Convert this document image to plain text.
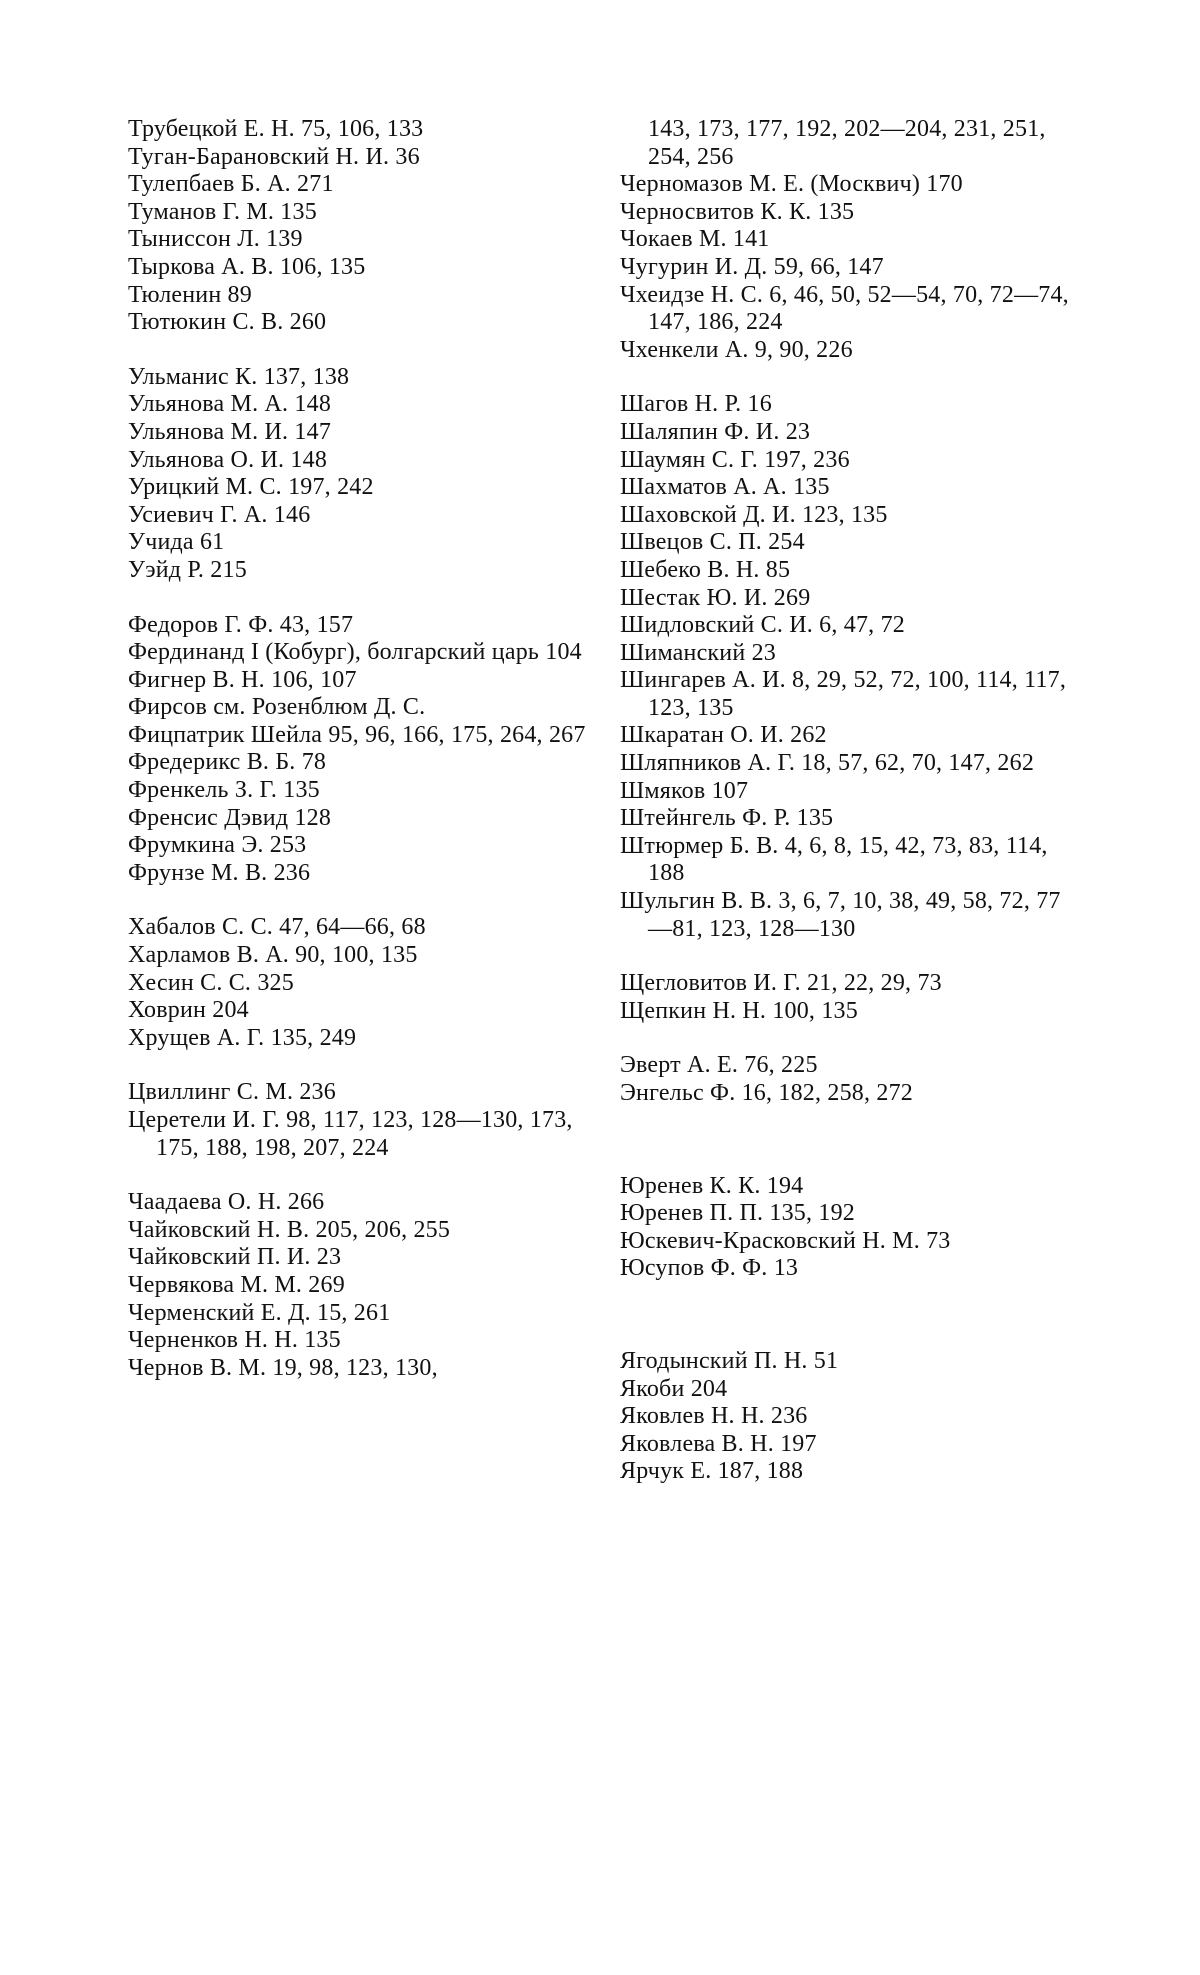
Трубецкой Е. Н. 75, 106, 133

Туган-Барановский Н. И. 36

Тулепбаев Б. А. 271

Туманов Г. М. 135

Тыниссон Л. 139

Тыркова А. В. 106, 135

Тюленин 89

Тютюкин С. В. 260

Ульманис К. 137, 138

Ульянова М. А. 148

Ульянова М. И. 147

Ульянова О. И. 148

Урицкий М. С. 197, 242

Усиевич Г. А. 146

Учида 61

Уэйд Р. 215

Федоров Г. Ф. 43, 157

Фердинанд I (Кобург), болгарский царь 104

Фигнер В. Н. 106, 107

Фирсов см. Розенблюм Д. С.

Фицпатрик Шейла 95, 96, 166, 175, 264, 267

Фредерикс В. Б. 78

Френкель З. Г. 135

Френсис Дэвид 128

Фрумкина Э. 253

Фрунзе М. В. 236

Хабалов С. С. 47, 64—66, 68

Харламов В. А. 90, 100, 135

Хесин С. С. 325

Ховрин 204

Хрущев А. Г. 135, 249

Цвиллинг С. М. 236

Церетели И. Г. 98, 117, 123, 128—130, 173, 175, 188, 198, 207, 224

Чаадаева О. Н. 266

Чайковский Н. В. 205, 206, 255

Чайковский П. И. 23

Червякова М. М. 269

Черменский Е. Д. 15, 261

Черненков Н. Н. 135

Чернов В. М. 19, 98, 123, 130,

143, 173, 177, 192, 202—204, 231, 251, 254, 256

Черномазов М. Е. (Москвич) 170

Черносвитов К. К. 135

Чокаев М. 141

Чугурин И. Д. 59, 66, 147

Чхеидзе Н. С. 6, 46, 50, 52—54, 70, 72—74, 147, 186, 224

Чхенкели А. 9, 90, 226

Шагов Н. Р. 16

Шаляпин Ф. И. 23

Шаумян С. Г. 197, 236

Шахматов А. А. 135

Шаховской Д. И. 123, 135

Швецов С. П. 254

Шебеко В. Н. 85

Шестак Ю. И. 269

Шидловский С. И. 6, 47, 72

Шиманский 23

Шингарев А. И. 8, 29, 52, 72, 100, 114, 117, 123, 135

Шкаратан О. И. 262

Шляпников А. Г. 18, 57, 62, 70, 147, 262

Шмяков 107

Штейнгель Ф. Р. 135

Штюрмер Б. В. 4, 6, 8, 15, 42, 73, 83, 114, 188

Шульгин В. В. 3, 6, 7, 10, 38, 49, 58, 72, 77—81, 123, 128—130

Щегловитов И. Г. 21, 22, 29, 73

Щепкин Н. Н. 100, 135

Эверт А. Е. 76, 225

Энгельс Ф. 16, 182, 258, 272

Юренев К. К. 194

Юренев П. П. 135, 192

Юскевич-Красковский Н. М. 73

Юсупов Ф. Ф. 13

Ягодынский П. Н. 51

Якоби 204

Яковлев Н. Н. 236

Яковлева В. Н. 197

Ярчук Е. 187, 188
